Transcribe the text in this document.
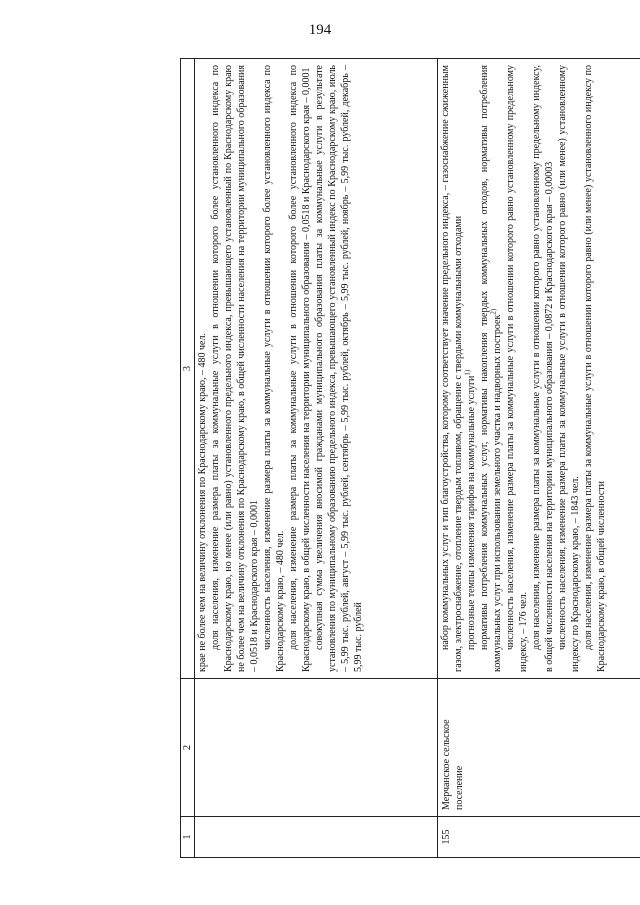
194
1
2
3 крае не более чем на величину отклонения по Краснодарскому краю, – 480 чел. доля населения, изменение размера платы за коммунальные услуги в отношении которого более установленного индекса по Краснодарскому краю, но менее (или равно) установленного предельного индекса, превышающего установленный по Краснодарскому краю не более чем на величину отклонения по Краснодарскому краю, в общей численности населения на территории муниципального образования – 0,0518 и Краснодарского края – 0,0001 численность населения, изменение размера платы за коммунальные услуги в отношении которого более установленного индекса по Краснодарскому краю, – 480 чел. доля населения, изменение размера платы за коммунальные услуги в отношении которого более установленного индекса по Краснодарскому краю, в общей численности населения на территории муниципального образования – 0,0518 и Краснодарского края – 0,0001 совокупная сумма увеличения вносимой гражданами муниципального образования платы за коммунальные услуги в результате установления по муниципальному образованию предельного индекса, превышающего установленный индекс по Краснодарскому краю, июль – 5,99 тыс. рублей, август – 5,99 тыс. рублей, сентябрь – 5,99 тыс. рублей, октябрь – 5,99 тыс. рублей, ноябрь – 5,99 тыс. рублей, декабрь – 5,99 тыс. рублей

155
Мерчанское сельское поселение

набор коммунальных услуг и тип благоустройства, которому соответствует значение предельного индекса, – газоснабжение сжиженным газом, электроснабжение, отопление твердым топливом, обращение с твердыми коммунальными отходами прогнозные темпы изменения тарифов на коммунальные услуги$^{1)}$ нормативы потребления коммунальных услуг, нормативы накопления твердых коммунальных отходов, нормативы потребления коммунальных услуг при использовании земельного участка и надворных построек$^{2)}$ численность населения, изменение размера платы за коммунальные услуги в отношении которого равно установленному предельному индексу, – 176 чел. доля населения, изменение размера платы за коммунальные услуги в отношении которого равно установленному предельному индексу, в общей численности населения на территории муниципального образования – 0,0872 и Краснодарского края – 0,00003 численность населения, изменение размера платы за коммунальные услуги в отношении которого равно (или менее) установленному индексу по Краснодарскому краю, – 1843 чел. доля населения, изменение размера платы за коммунальные услуги в отношении которого равно (или менее) установленного индексу по Краснодарскому краю, в общей численности
